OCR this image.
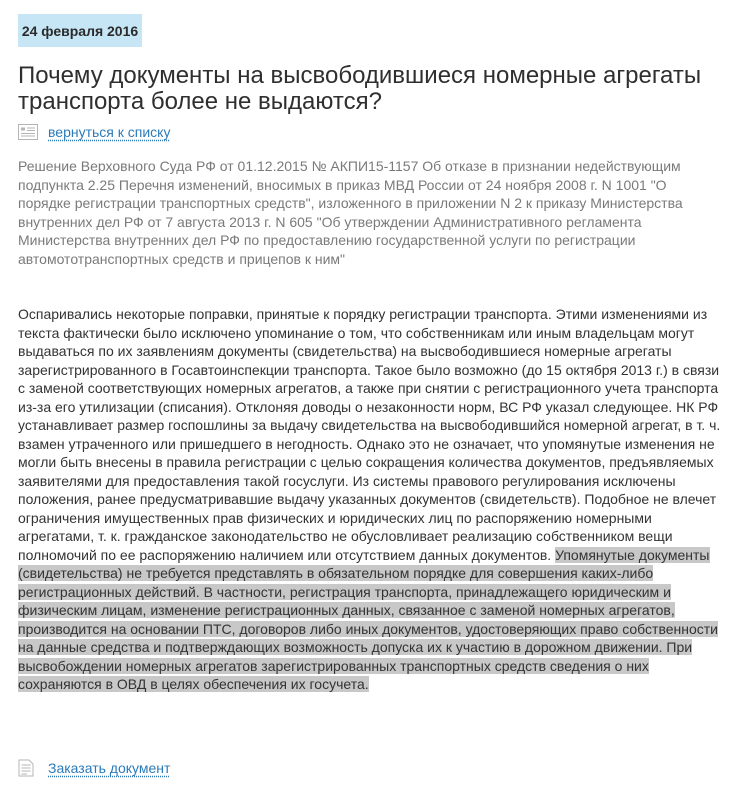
24 февраля 2016
Почему документы на высвободившиеся номерные агрегаты транспорта более не выдаются?
вернуться к списку

Решение Верховного Суда РФ от 01.12.2015 № АКПИ15-1157 Об отказе в признании недействующим подпункта 2.25 Перечня изменений, вносимых в приказ МВД России от 24 ноября 2008 г. N 1001 "О порядке регистрации транспортных средств", изложенного в приложении N 2 к приказу Министерства внутренних дел РФ от 7 августа 2013 г. N 605 "Об утверждении Административного регламента Министерства внутренних дел РФ по предоставлению государственной услуги по регистрации автомототранспортных средств и прицепов к ним"

Оспаривались некоторые поправки, принятые к порядку регистрации транспорта. Этими изменениями из текста фактически было исключено упоминание о том, что собственникам или иным владельцам могут выдаваться по их заявлениям документы (свидетельства) на высвободившиеся номерные агрегаты зарегистрированного в Госавтоинспекции транспорта. Такое было возможно (до 15 октября 2013 г.) в связи с заменой соответствующих номерных агрегатов, а также при снятии с регистрационного учета транспорта из-за его утилизации (списания). Отклоняя доводы о незаконности норм, ВС РФ указал следующее. НК РФ устанавливает размер госпошлины за выдачу свидетельства на высвободившийся номерной агрегат, в т. ч. взамен утраченного или пришедшего в негодность. Однако это не означает, что упомянутые изменения не могли быть внесены в правила регистрации с целью сокращения количества документов, предъявляемых заявителями для предоставления такой госуслуги. Из системы правового регулирования исключены положения, ранее предусматривавшие выдачу указанных документов (свидетельств). Подобное не влечет ограничения имущественных прав физических и юридических лиц по распоряжению номерными агрегатами, т. к. гражданское законодательство не обусловливает реализацию собственником вещи полномочий по ее распоряжению наличием или отсутствием данных документов. Упомянутые документы (свидетельства) не требуется представлять в обязательном порядке для совершения каких-либо регистрационных действий. В частности, регистрация транспорта, принадлежащего юридическим и физическим лицам, изменение регистрационных данных, связанное с заменой номерных агрегатов, производится на основании ПТС, договоров либо иных документов, удостоверяющих право собственности на данные средства и подтверждающих возможность допуска их к участию в дорожном движении. При высвобождении номерных агрегатов зарегистрированных транспортных средств сведения о них сохраняются в ОВД в целях обеспечения их госучета.

Заказать документ
